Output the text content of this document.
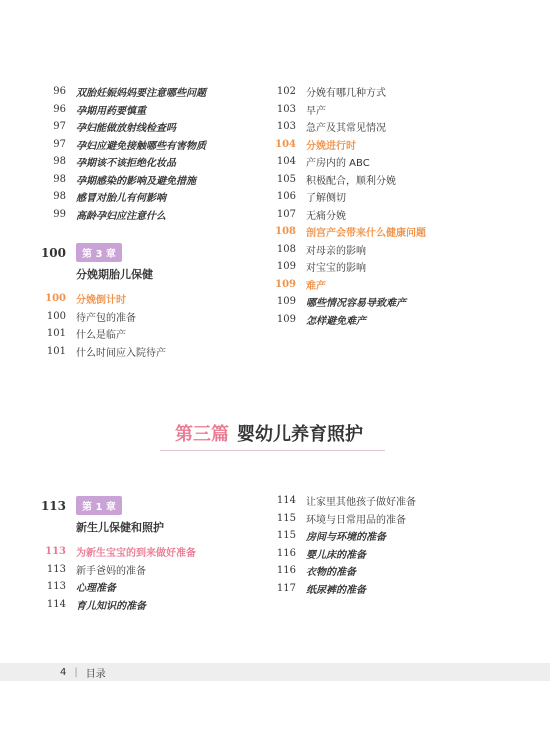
96 双胎妊娠妈妈要注意哪些问题
96 孕期用药要慎重
97 孕妇能做放射线检查吗
97 孕妇应避免接触哪些有害物质
98 孕期该不该拒绝化妆品
98 孕期感染的影响及避免措施
98 感冒对胎儿有何影响
99 高龄孕妇应注意什么
100	第 3 章
分娩期胎儿保健
100 分娩倒计时
100 待产包的准备
101 什么是临产
101 什么时间应入院待产
102 分娩有哪几种方式
103 早产
103 急产及其常见情况
104 分娩进行时
104 产房内的 ABC
105 积极配合，顺利分娩
106 了解侧切
107 无痛分娩
108 剖宫产会带来什么健康问题
108 对母亲的影响
109 对宝宝的影响
109 难产
109 哪些情况容易导致难产
109 怎样避免难产
第三篇 婴幼儿养育照护
113	第 1 章
新生儿保健和照护
113 为新生宝宝的到来做好准备
113 新手爸妈的准备
113 心理准备
114 育儿知识的准备
114 让家里其他孩子做好准备
115 环境与日常用品的准备
115 房间与环境的准备
116 婴儿床的准备
116 衣物的准备
117 纸尿裤的准备
4 | 目录
